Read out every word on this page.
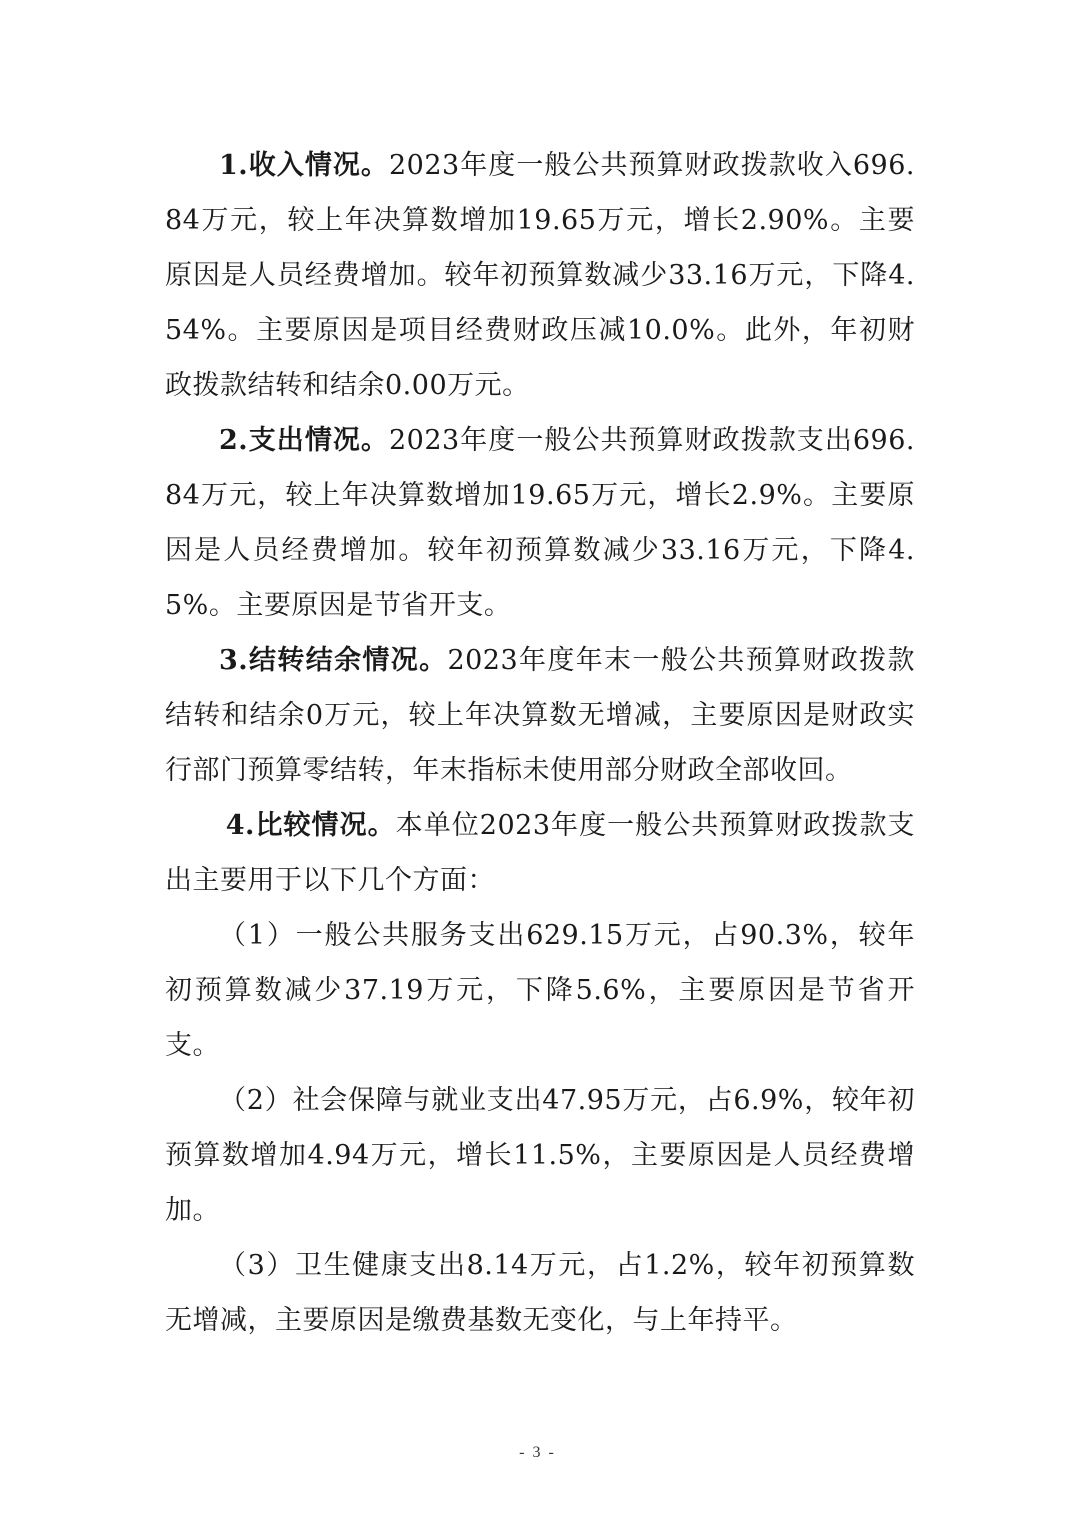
1.收入情况。2023年度一般公共预算财政拨款收入696.84万元，较上年决算数增加19.65万元，增长2.90%。主要原因是人员经费增加。较年初预算数减少33.16万元，下降4.54%。主要原因是项目经费财政压减10.0%。此外，年初财政拨款结转和结余0.00万元。

2.支出情况。2023年度一般公共预算财政拨款支出696.84万元，较上年决算数增加19.65万元，增长2.9%。主要原因是人员经费增加。较年初预算数减少33.16万元，下降4.5%。主要原因是节省开支。

3.结转结余情况。2023年度年末一般公共预算财政拨款结转和结余0万元，较上年决算数无增减，主要原因是财政实行部门预算零结转，年末指标未使用部分财政全部收回。

4.比较情况。本单位2023年度一般公共预算财政拨款支出主要用于以下几个方面：

（1）一般公共服务支出629.15万元，占90.3%，较年初预算数减少37.19万元，下降5.6%，主要原因是节省开支。

（2）社会保障与就业支出47.95万元，占6.9%，较年初预算数增加4.94万元，增长11.5%，主要原因是人员经费增加。

（3）卫生健康支出8.14万元，占1.2%，较年初预算数无增减，主要原因是缴费基数无变化，与上年持平。

- 3 -
